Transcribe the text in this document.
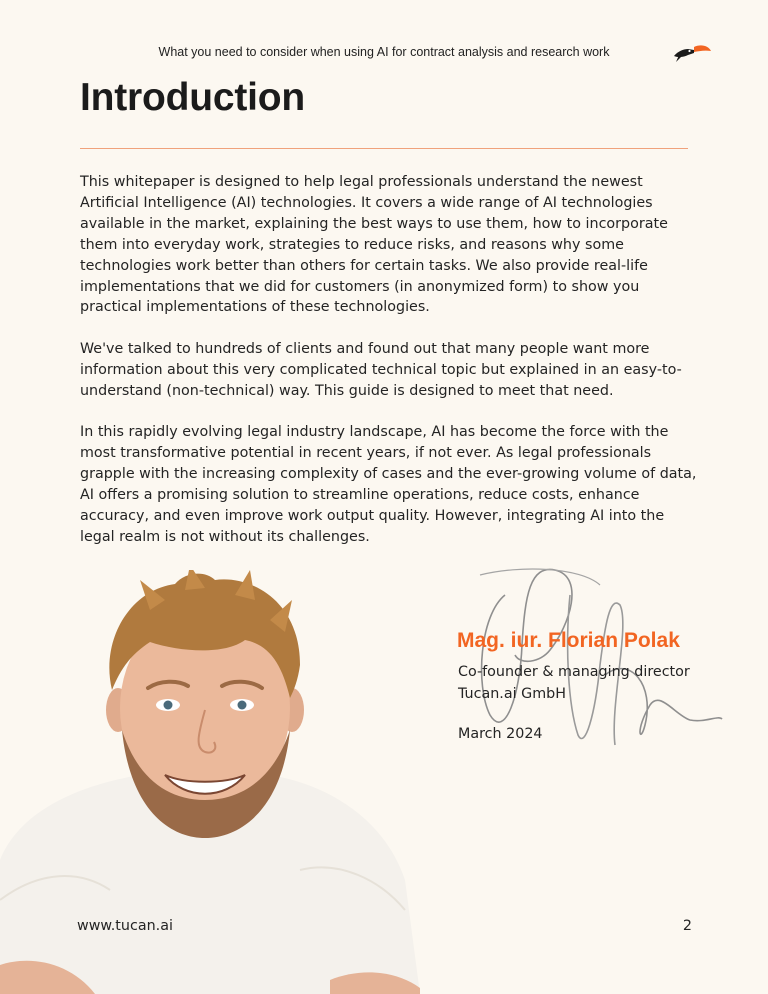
What you need to consider when using AI for contract analysis and research work
Introduction

This whitepaper is designed to help legal professionals understand the newest Artificial Intelligence (AI) technologies. It covers a wide range of AI technologies available in the market, explaining the best ways to use them, how to incorporate them into everyday work, strategies to reduce risks, and reasons why some technologies work better than others for certain tasks. We also provide real-life implementations that we did for customers (in anonymized form) to show you practical implementations of these technologies.

We've talked to hundreds of clients and found out that many people want more information about this very complicated technical topic but explained in an easy-to-understand (non-technical) way. This guide is designed to meet that need.

In this rapidly evolving legal industry landscape, AI has become the force with the most transformative potential in recent years, if not ever. As legal professionals grapple with the increasing complexity of cases and the ever-growing volume of data, AI offers a promising solution to streamline operations, reduce costs, enhance accuracy, and even improve work output quality. However, integrating AI into the legal realm is not without its challenges.

Mag. iur. Florian Polak
Co-founder & managing director
Tucan.ai GmbH
March 2024
www.tucan.ai	2
